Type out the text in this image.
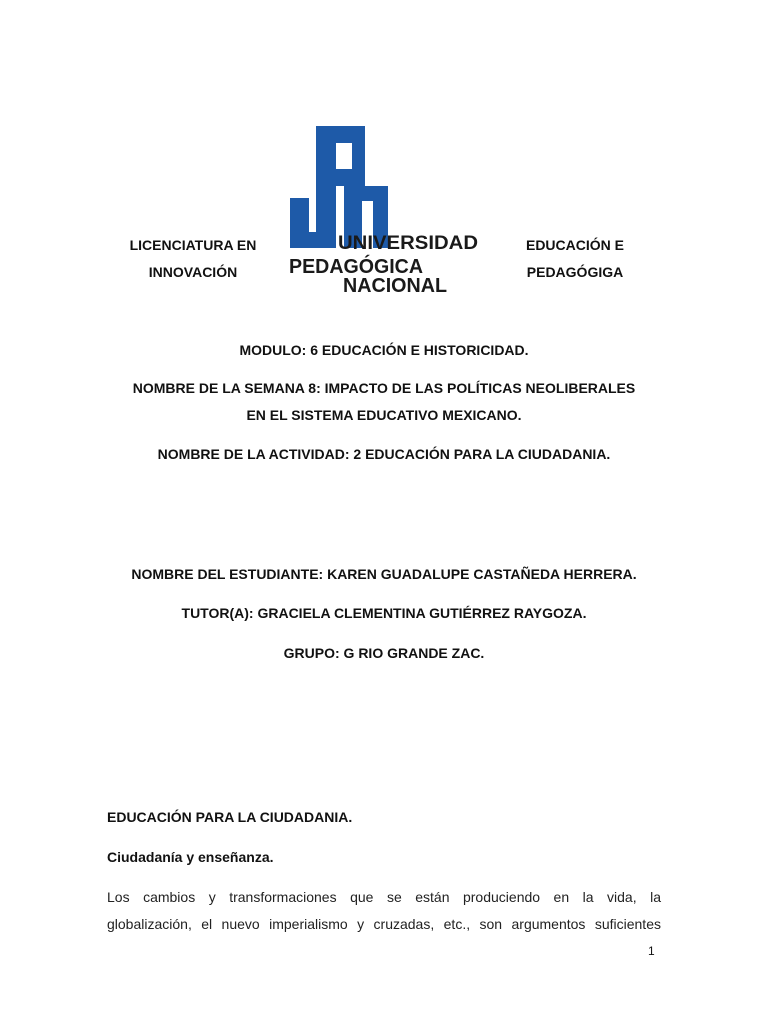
LICENCIATURA EN
INNOVACIÓN
UNIVERSIDAD
PEDAGÓGICA
NACIONAL
EDUCACIÓN E
PEDAGÓGIGA
MODULO: 6 EDUCACIÓN E HISTORICIDAD.
NOMBRE DE LA SEMANA 8: IMPACTO DE LAS POLÍTICAS NEOLIBERALES
EN EL SISTEMA EDUCATIVO MEXICANO.
NOMBRE DE LA ACTIVIDAD: 2 EDUCACIÓN PARA LA CIUDADANIA.
NOMBRE DEL ESTUDIANTE: KAREN GUADALUPE CASTAÑEDA HERRERA.
TUTOR(A): GRACIELA CLEMENTINA GUTIÉRREZ RAYGOZA.
GRUPO: G RIO GRANDE ZAC.
EDUCACIÓN PARA LA CIUDADANIA.
Ciudadanía y enseñanza.
Los cambios y transformaciones que se están produciendo en la vida, la
globalización, el nuevo imperialismo y cruzadas, etc., son argumentos suficientes
1
